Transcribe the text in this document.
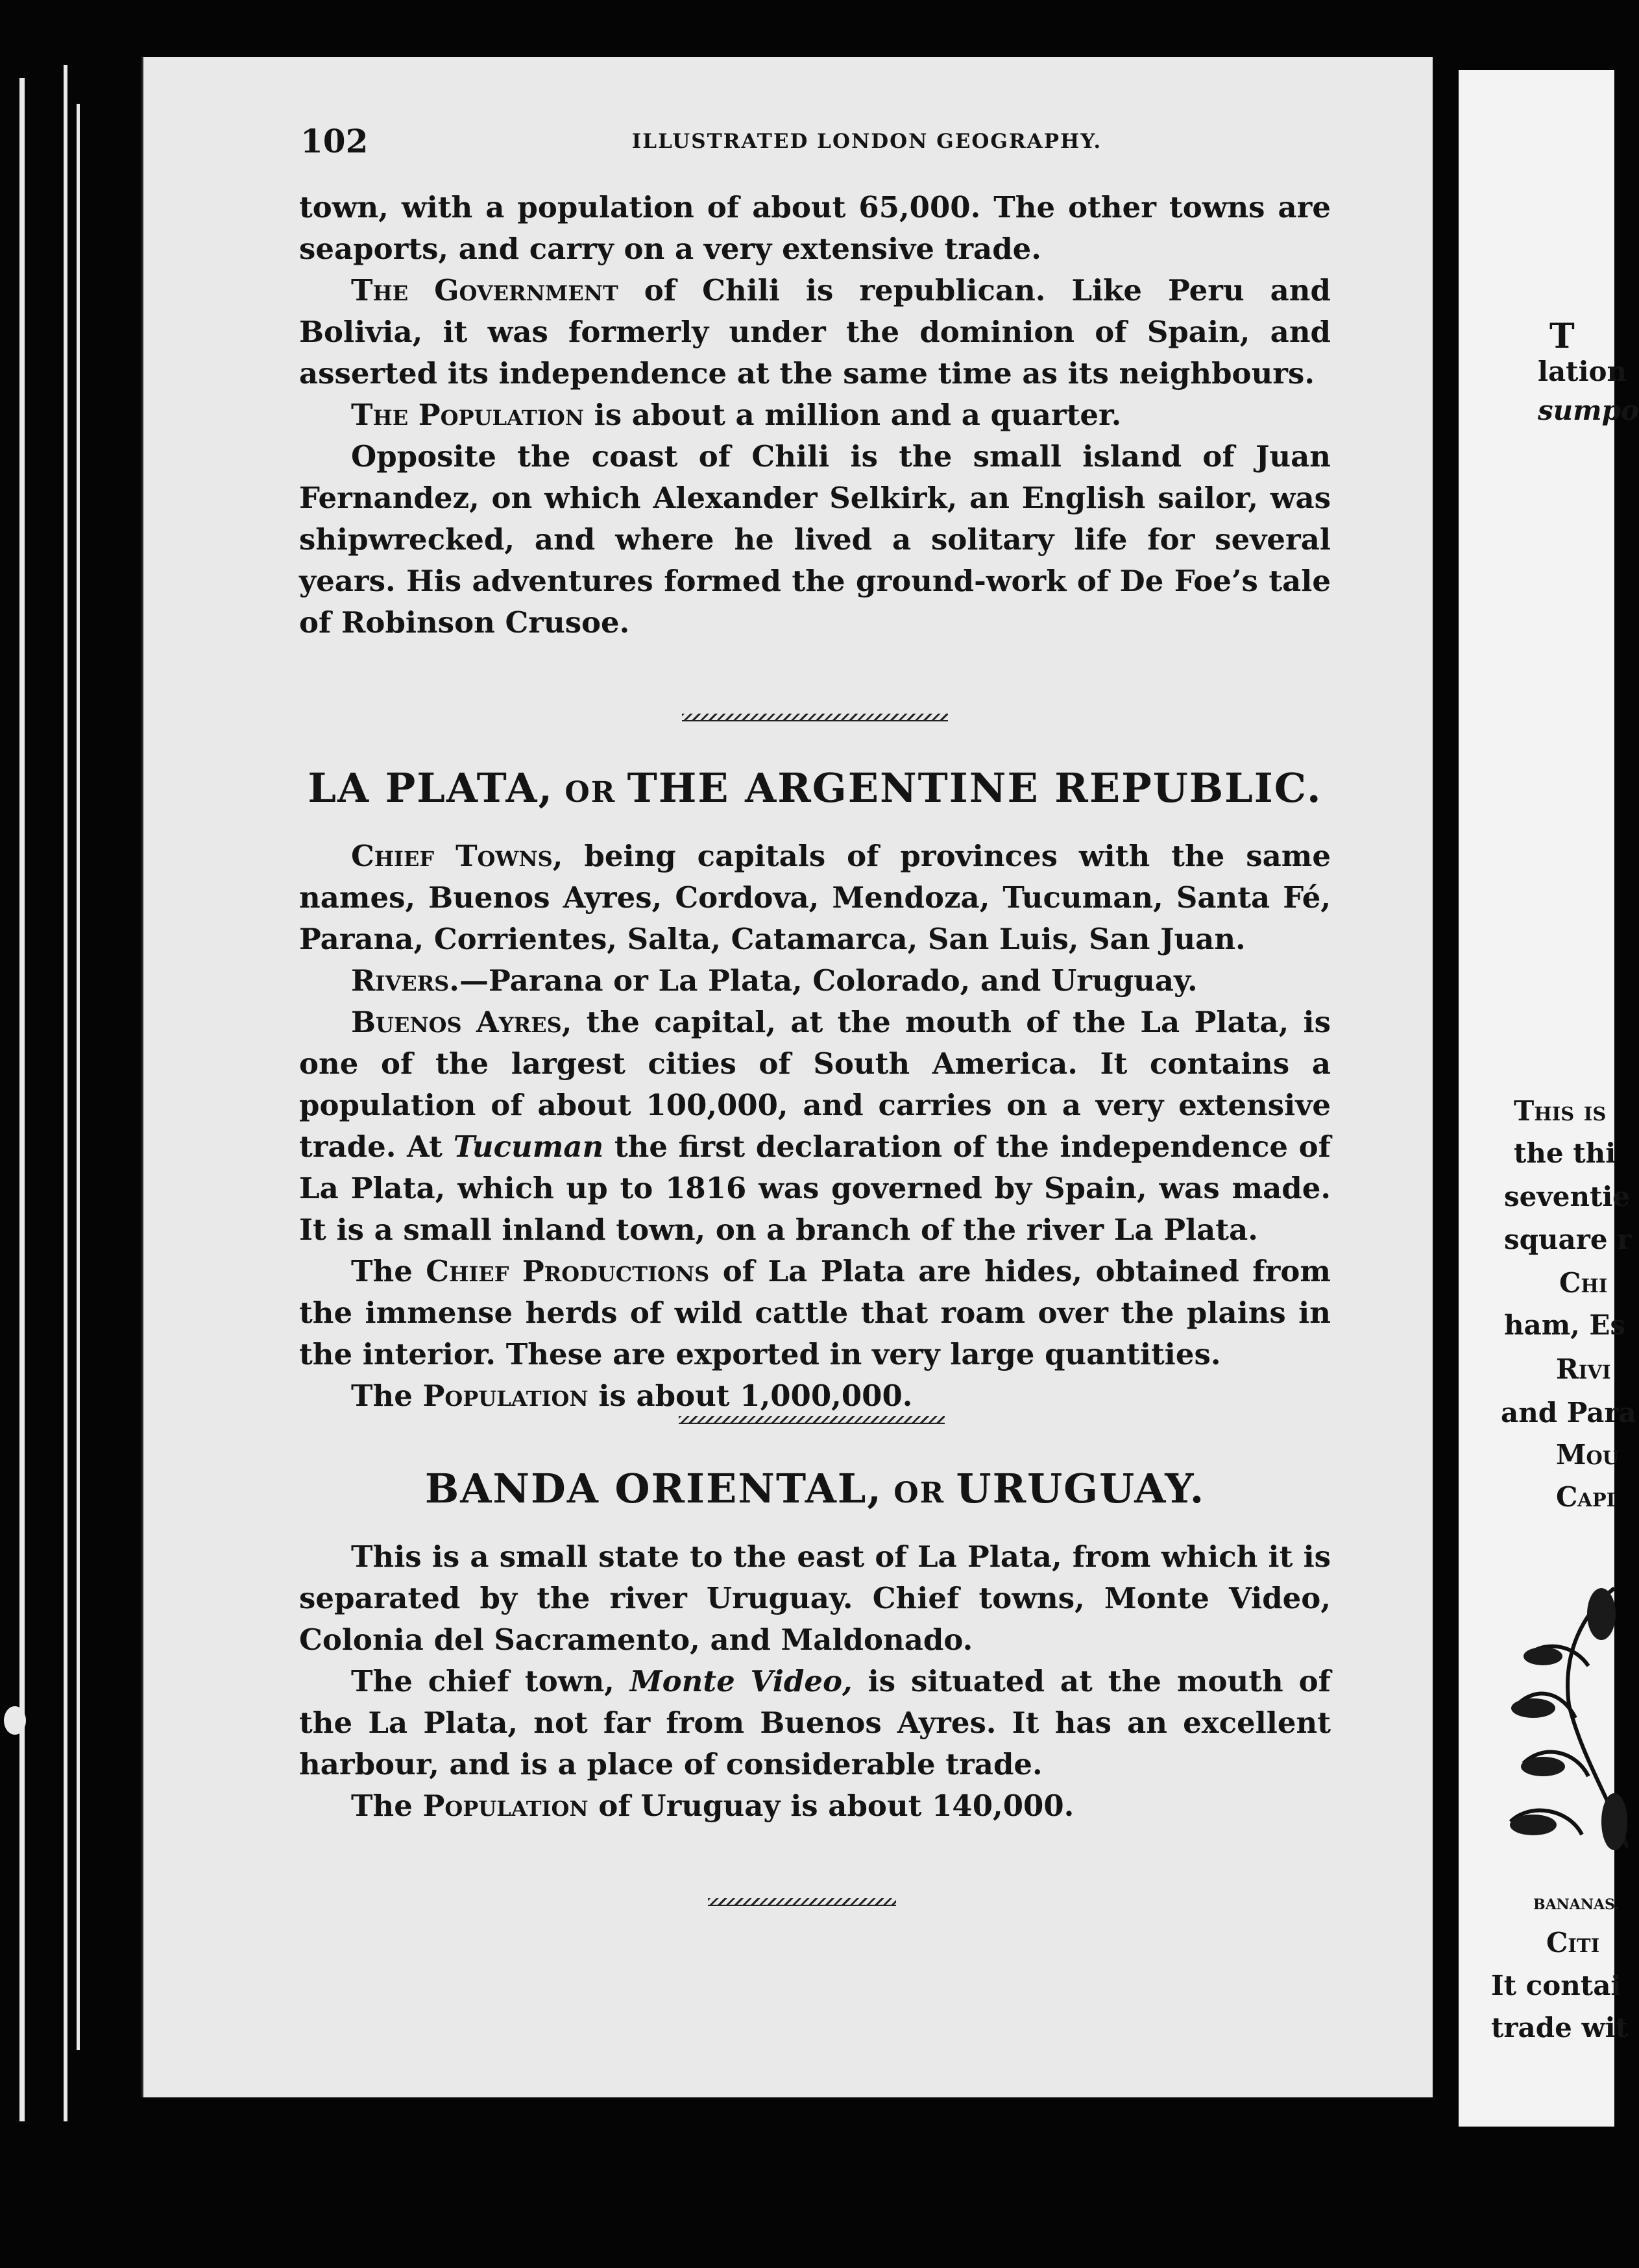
102	ILLUSTRATED LONDON GEOGRAPHY.

town, with a population of about 65,000. The other towns are seaports, and carry on a very extensive trade.

The Government of Chili is republican. Like Peru and Bolivia, it was formerly under the dominion of Spain, and asserted its independence at the same time as its neighbours.

The Population is about a million and a quarter.

Opposite the coast of Chili is the small island of Juan Fernandez, on which Alexander Selkirk, an English sailor, was shipwrecked, and where he lived a solitary life for several years. His adventures formed the ground-work of De Foe’s tale of Robinson Crusoe.

LA PLATA, OR THE ARGENTINE REPUBLIC.

Chief Towns, being capitals of provinces with the same names, Buenos Ayres, Cordova, Mendoza, Tucuman, Santa Fé, Parana, Corrientes, Salta, Catamarca, San Luis, San Juan.

Rivers.—Parana or La Plata, Colorado, and Uruguay.

Buenos Ayres, the capital, at the mouth of the La Plata, is one of the largest cities of South America. It contains a population of about 100,000, and carries on a very extensive trade. At Tucuman the first declaration of the independence of La Plata, which up to 1816 was governed by Spain, was made. It is a small inland town, on a branch of the river La Plata.

The Chief Productions of La Plata are hides, obtained from the immense herds of wild cattle that roam over the plains in the interior. These are exported in very large quantities.

The Population is about 1,000,000.

BANDA ORIENTAL, OR URUGUAY.

This is a small state to the east of La Plata, from which it is separated by the river Uruguay. Chief towns, Monte Video, Colonia del Sacramento, and Maldonado.

The chief town, Monte Video, is situated at the mouth of the La Plata, not far from Buenos Ayres. It has an excellent harbour, and is a place of considerable trade.

The Population of Uruguay is about 140,000.

T
lation
sumpo
This is
the thi
seventie
square r
Chi
ham, Es
Rivi
and Para
Mou
Capi
BANANAS.
Citi
It contai
trade wit
